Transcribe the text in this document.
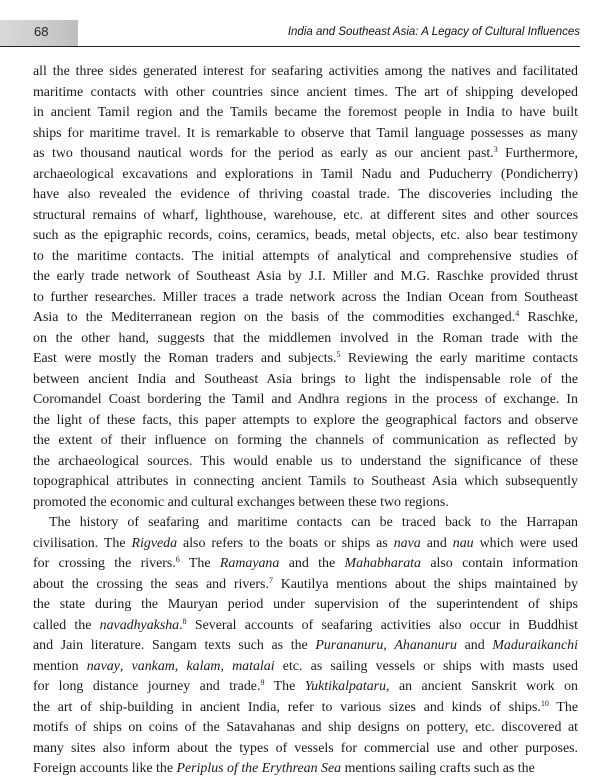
68	India and Southeast Asia: A Legacy of Cultural Influences
all the three sides generated interest for seafaring activities among the natives and facilitated
maritime contacts with other countries since ancient times. The art of shipping developed
in ancient Tamil region and the Tamils became the foremost people in India to have built
ships for maritime travel. It is remarkable to observe that Tamil language possesses as many
as two thousand nautical words for the period as early as our ancient past.$^3$ Furthermore,
archaeological excavations and explorations in Tamil Nadu and Puducherry (Pondicherry)
have also revealed the evidence of thriving coastal trade. The discoveries including the
structural remains of wharf, lighthouse, warehouse, etc. at different sites and other sources
such as the epigraphic records, coins, ceramics, beads, metal objects, etc. also bear testimony
to the maritime contacts. The initial attempts of analytical and comprehensive studies of
the early trade network of Southeast Asia by J.I. Miller and M.G. Raschke provided thrust
to further researches. Miller traces a trade network across the Indian Ocean from Southeast
Asia to the Mediterranean region on the basis of the commodities exchanged.$^4$ Raschke,
on the other hand, suggests that the middlemen involved in the Roman trade with the
East were mostly the Roman traders and subjects.$^5$ Reviewing the early maritime contacts
between ancient India and Southeast Asia brings to light the indispensable role of the
Coromandel Coast bordering the Tamil and Andhra regions in the process of exchange. In
the light of these facts, this paper attempts to explore the geographical factors and observe
the extent of their influence on forming the channels of communication as reflected by
the archaeological sources. This would enable us to understand the significance of these
topographical attributes in connecting ancient Tamils to Southeast Asia which subsequently
promoted the economic and cultural exchanges between these two regions.
The history of seafaring and maritime contacts can be traced back to the Harrapan
civilisation. The Rigveda also refers to the boats or ships as nava and nau which were used
for crossing the rivers.$^6$ The Ramayana and the Mahabharata also contain information
about the crossing the seas and rivers.$^7$ Kautilya mentions about the ships maintained by
the state during the Mauryan period under supervision of the superintendent of ships
called the navadhyaksha.$^8$ Several accounts of seafaring activities also occur in Buddhist
and Jain literature. Sangam texts such as the Purananuru, Ahananuru and Maduraikanchi
mention navay, vankam, kalam, matalai etc. as sailing vessels or ships with masts used
for long distance journey and trade.$^9$ The Yuktikalpataru, an ancient Sanskrit work on
the art of ship-building in ancient India, refer to various sizes and kinds of ships.$^{10}$ The
motifs of ships on coins of the Satavahanas and ship designs on pottery, etc. discovered at
many sites also inform about the types of vessels for commercial use and other purposes.
Foreign accounts like the Periplus of the Erythrean Sea mentions sailing crafts such as the
